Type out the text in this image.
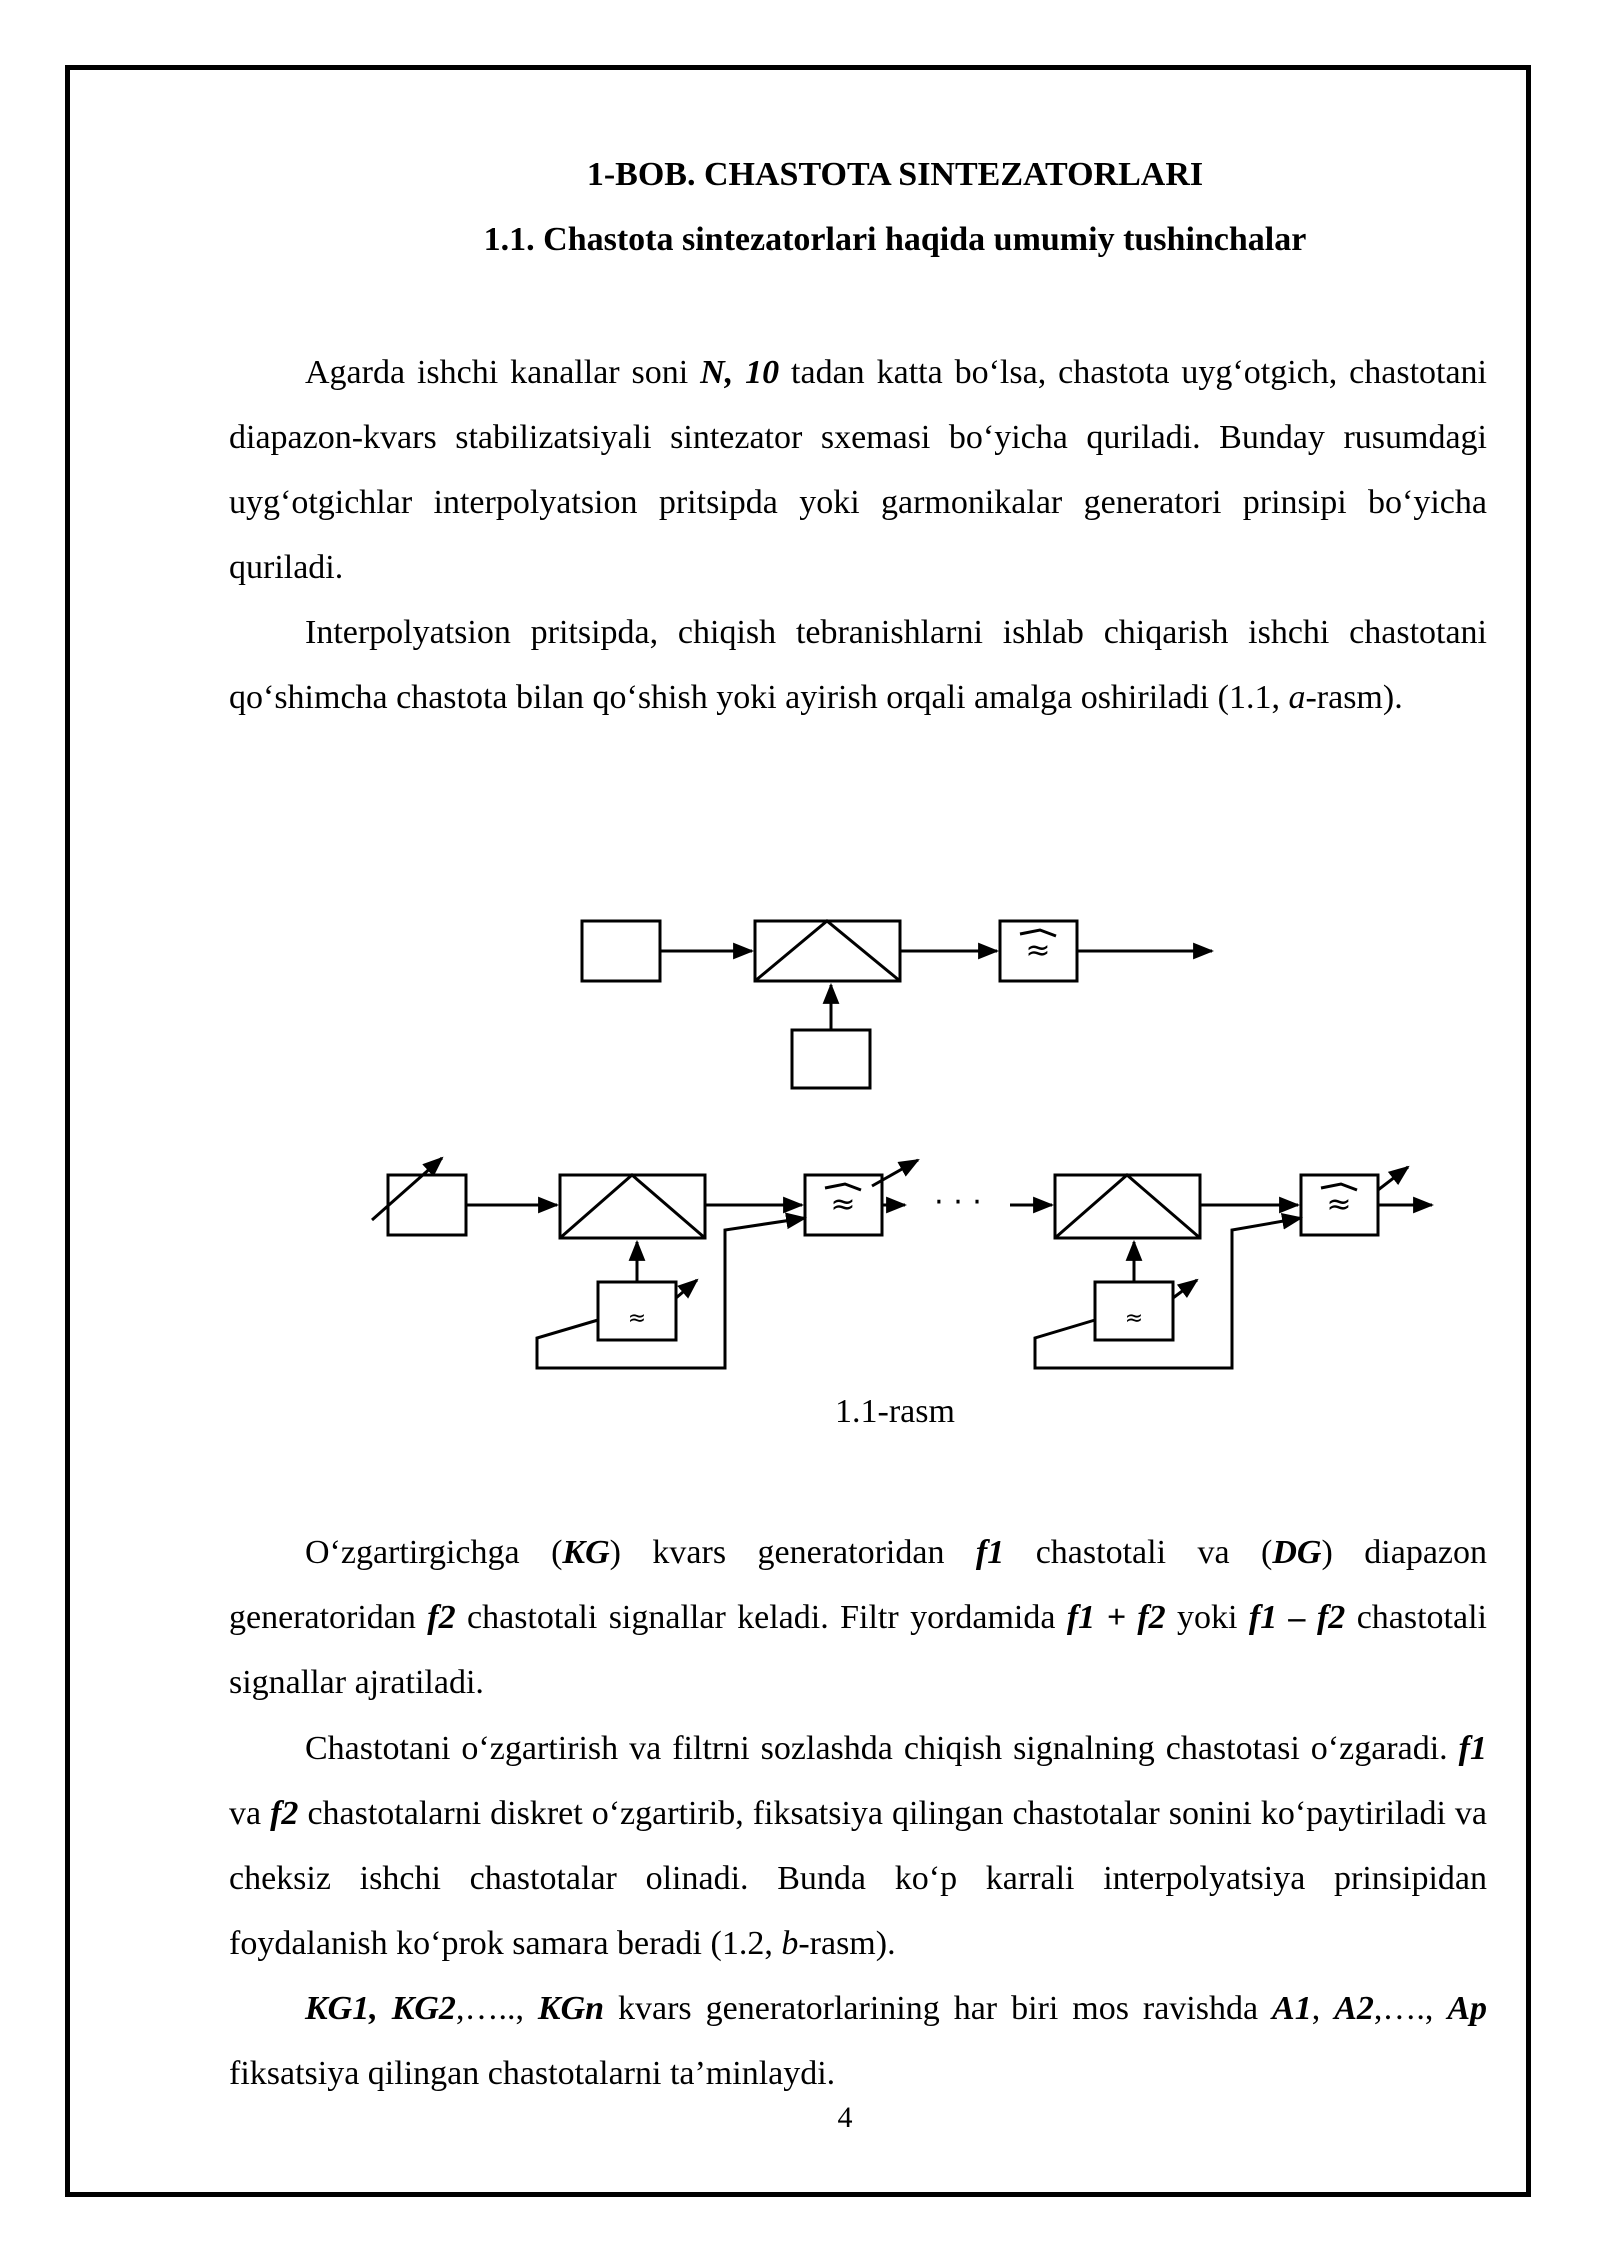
1-BOB. CHASTOTA SINTEZATORLARI
1.1. Chastota sintezatorlari haqida umumiy tushinchalar

Agarda ishchi kanallar soni N, 10 tadan katta bo‘lsa, chastota uyg‘otgich, chastotani diapazon-kvars stabilizatsiyali sintezator sxemasi bo‘yicha quriladi. Bunday rusumdagi uyg‘otgichlar interpolyatsion pritsipda yoki garmonikalar generatori prinsipi bo‘yicha quriladi.

Interpolyatsion pritsipda, chiqish tebranishlarni ishlab chiqarish ishchi chastotani qo‘shimcha chastota bilan qo‘shish yoki ayirish orqali amalga oshiriladi (1.1, a-rasm).

≈
≈	≈
≈	≈
· · ·
1.1-rasm

O‘zgartirgichga (KG) kvars generatoridan f1 chastotali va (DG) diapazon generatoridan f2 chastotali signallar keladi. Filtr yordamida f1 + f2 yoki f1 – f2 chastotali signallar ajratiladi.

Chastotani o‘zgartirish va filtrni sozlashda chiqish signalning chastotasi o‘zgaradi. f1 va f2 chastotalarni diskret o‘zgartirib, fiksatsiya qilingan chastotalar sonini ko‘paytiriladi va cheksiz ishchi chastotalar olinadi. Bunda ko‘p karrali interpolyatsiya prinsipidan foydalanish ko‘prok samara beradi (1.2, b-rasm).

KG1, KG2,….., KGn kvars generatorlarining har biri mos ravishda A1, A2,…., Ap fiksatsiya qilingan chastotalarni ta’minlaydi.

4
